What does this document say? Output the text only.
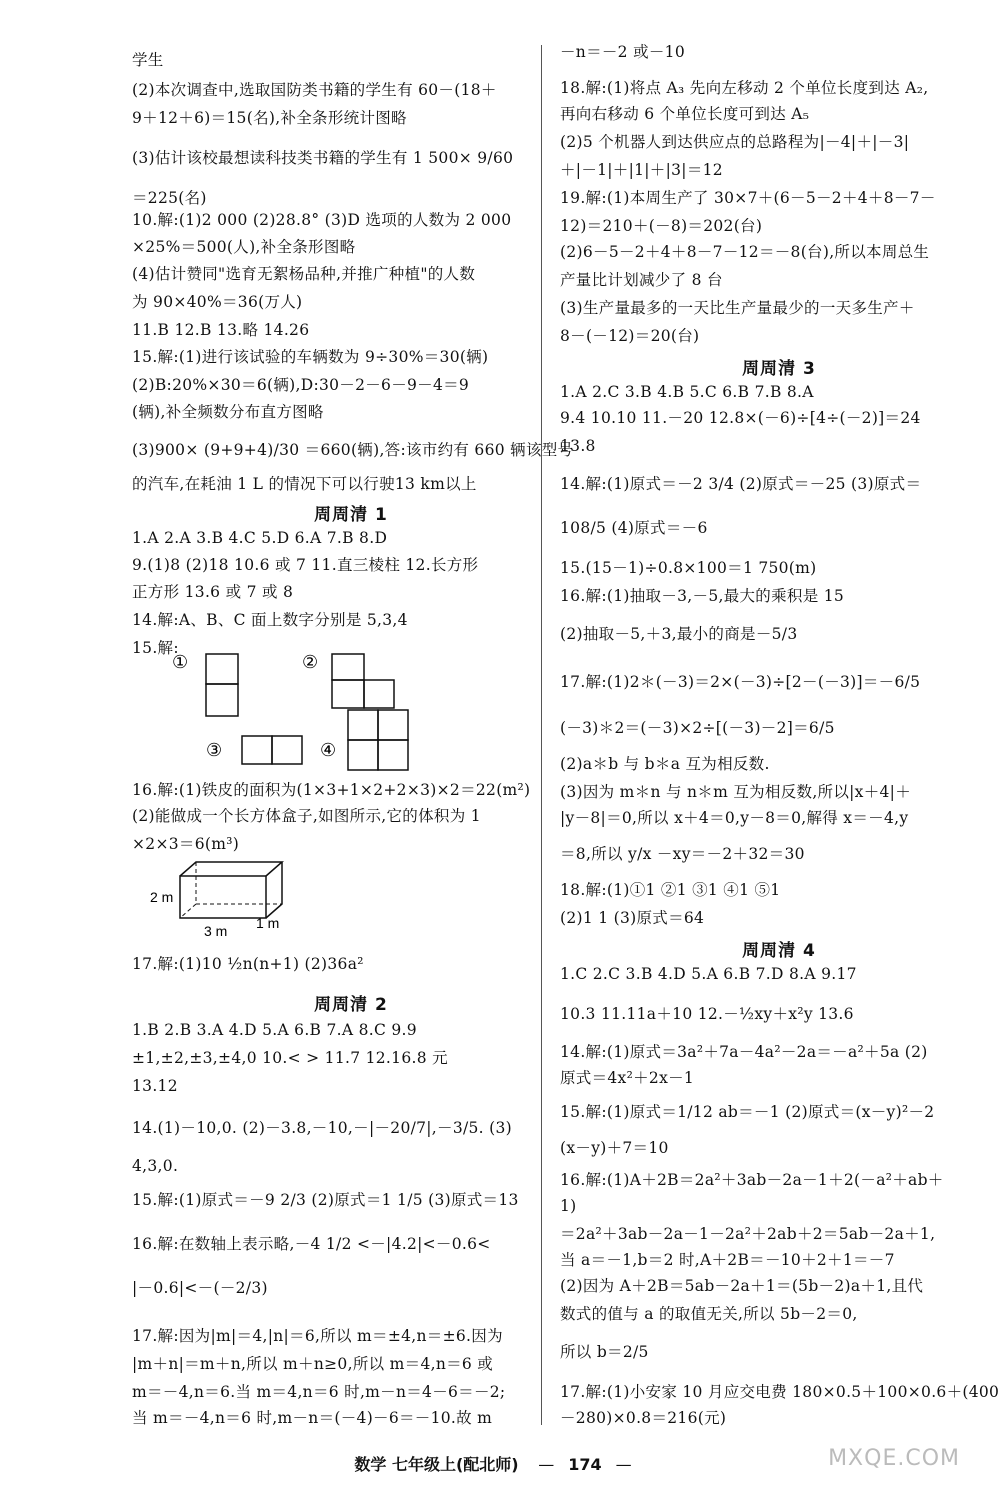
学生
(2)本次调查中,选取国防类书籍的学生有 60－(18＋
9＋12＋6)＝15(名),补全条形统计图略
(3)估计该校最想读科技类书籍的学生有 1 500× 9/60
＝225(名)
10.解:(1)2 000 (2)28.8° (3)D 选项的人数为 2 000
×25%＝500(人),补全条形图略
(4)估计赞同"选育无絮杨品种,并推广种植"的人数
为 90×40%＝36(万人)
11.B 12.B 13.略 14.26
15.解:(1)进行该试验的车辆数为 9÷30%＝30(辆)
(2)B:20%×30＝6(辆),D:30－2－6－9－4＝9
(辆),补全频数分布直方图略
(3)900× (9+9+4)/30 ＝660(辆),答:该市约有 660 辆该型号
的汽车,在耗油 1 L 的情况下可以行驶13 km以上
周周清 1
1.A 2.A 3.B 4.C 5.D 6.A 7.B 8.D
9.(1)8 (2)18 10.6 或 7 11.直三棱柱 12.长方形
正方形 13.6 或 7 或 8
14.解:A、B、C 面上数字分别是 5,3,4
15.解:
①	②
③	④
16.解:(1)铁皮的面积为(1×3+1×2+2×3)×2＝22(m²)
(2)能做成一个长方体盒子,如图所示,它的体积为 1
×2×3＝6(m³)
2 m
3 m 1 m
17.解:(1)10 ½n(n+1) (2)36a²
周周清 2
1.B 2.B 3.A 4.D 5.A 6.B 7.A 8.C 9.9
±1,±2,±3,±4,0 10.< > 11.7 12.16.8 元
13.12
14.(1)－10,0. (2)－3.8,－10,－|－20/7|,－3/5. (3)
4,3,0.
15.解:(1)原式＝－9 2/3 (2)原式＝1 1/5 (3)原式＝13
16.解:在数轴上表示略,－4 1/2 <－|4.2|<－0.6<
|－0.6|<－(－2/3)
17.解:因为|m|＝4,|n|＝6,所以 m＝±4,n＝±6.因为
|m＋n|＝m＋n,所以 m＋n≥0,所以 m＝4,n＝6 或
m＝－4,n＝6.当 m＝4,n＝6 时,m－n＝4－6＝－2;
当 m＝－4,n＝6 时,m－n＝(－4)－6＝－10.故 m
－n＝－2 或－10
18.解:(1)将点 A₃ 先向左移动 2 个单位长度到达 A₂,
再向右移动 6 个单位长度可到达 A₅
(2)5 个机器人到达供应点的总路程为|－4|＋|－3|
＋|－1|＋|1|＋|3|＝12
19.解:(1)本周生产了 30×7＋(6－5－2＋4＋8－7－
12)＝210＋(－8)＝202(台)
(2)6－5－2＋4＋8－7－12＝－8(台),所以本周总生
产量比计划减少了 8 台
(3)生产量最多的一天比生产量最少的一天多生产＋
8－(－12)＝20(台)
周周清 3
1.A 2.C 3.B 4.B 5.C 6.B 7.B 8.A
9.4 10.10 11.－20 12.8×(－6)÷[4÷(－2)]＝24
13.8
14.解:(1)原式＝－2 3/4 (2)原式＝－25 (3)原式＝
108/5 (4)原式＝－6
15.(15－1)÷0.8×100＝1 750(m)
16.解:(1)抽取－3,－5,最大的乘积是 15
(2)抽取－5,＋3,最小的商是－5/3
17.解:(1)2＊(－3)＝2×(－3)÷[2－(－3)]＝－6/5
(－3)＊2＝(－3)×2÷[(－3)－2]＝6/5
(2)a＊b 与 b＊a 互为相反数.
(3)因为 m＊n 与 n＊m 互为相反数,所以|x＋4|＋
|y－8|＝0,所以 x＋4＝0,y－8＝0,解得 x＝－4,y
＝8,所以 y/x －xy＝－2＋32＝30
18.解:(1)①1 ②1 ③1 ④1 ⑤1
(2)1 1 (3)原式＝64
周周清 4
1.C 2.C 3.B 4.D 5.A 6.B 7.D 8.A 9.17
10.3 11.11a＋10 12.－½xy＋x²y 13.6
14.解:(1)原式＝3a²＋7a－4a²－2a＝－a²＋5a (2)
原式＝4x²＋2x－1
15.解:(1)原式＝1/12 ab＝－1 (2)原式＝(x－y)²－2
(x－y)＋7＝10
16.解:(1)A＋2B＝2a²＋3ab－2a－1＋2(－a²＋ab＋
1)
＝2a²＋3ab－2a－1－2a²＋2ab＋2＝5ab－2a＋1,
当 a＝－1,b＝2 时,A＋2B＝－10＋2＋1＝－7
(2)因为 A＋2B＝5ab－2a＋1＝(5b－2)a＋1,且代
数式的值与 a 的取值无关,所以 5b－2＝0,
所以 b＝2/5
17.解:(1)小安家 10 月应交电费 180×0.5＋100×0.6＋(400
－280)×0.8＝216(元)
数学 七年级上(配北师) — 174 —	MXQE.COM
